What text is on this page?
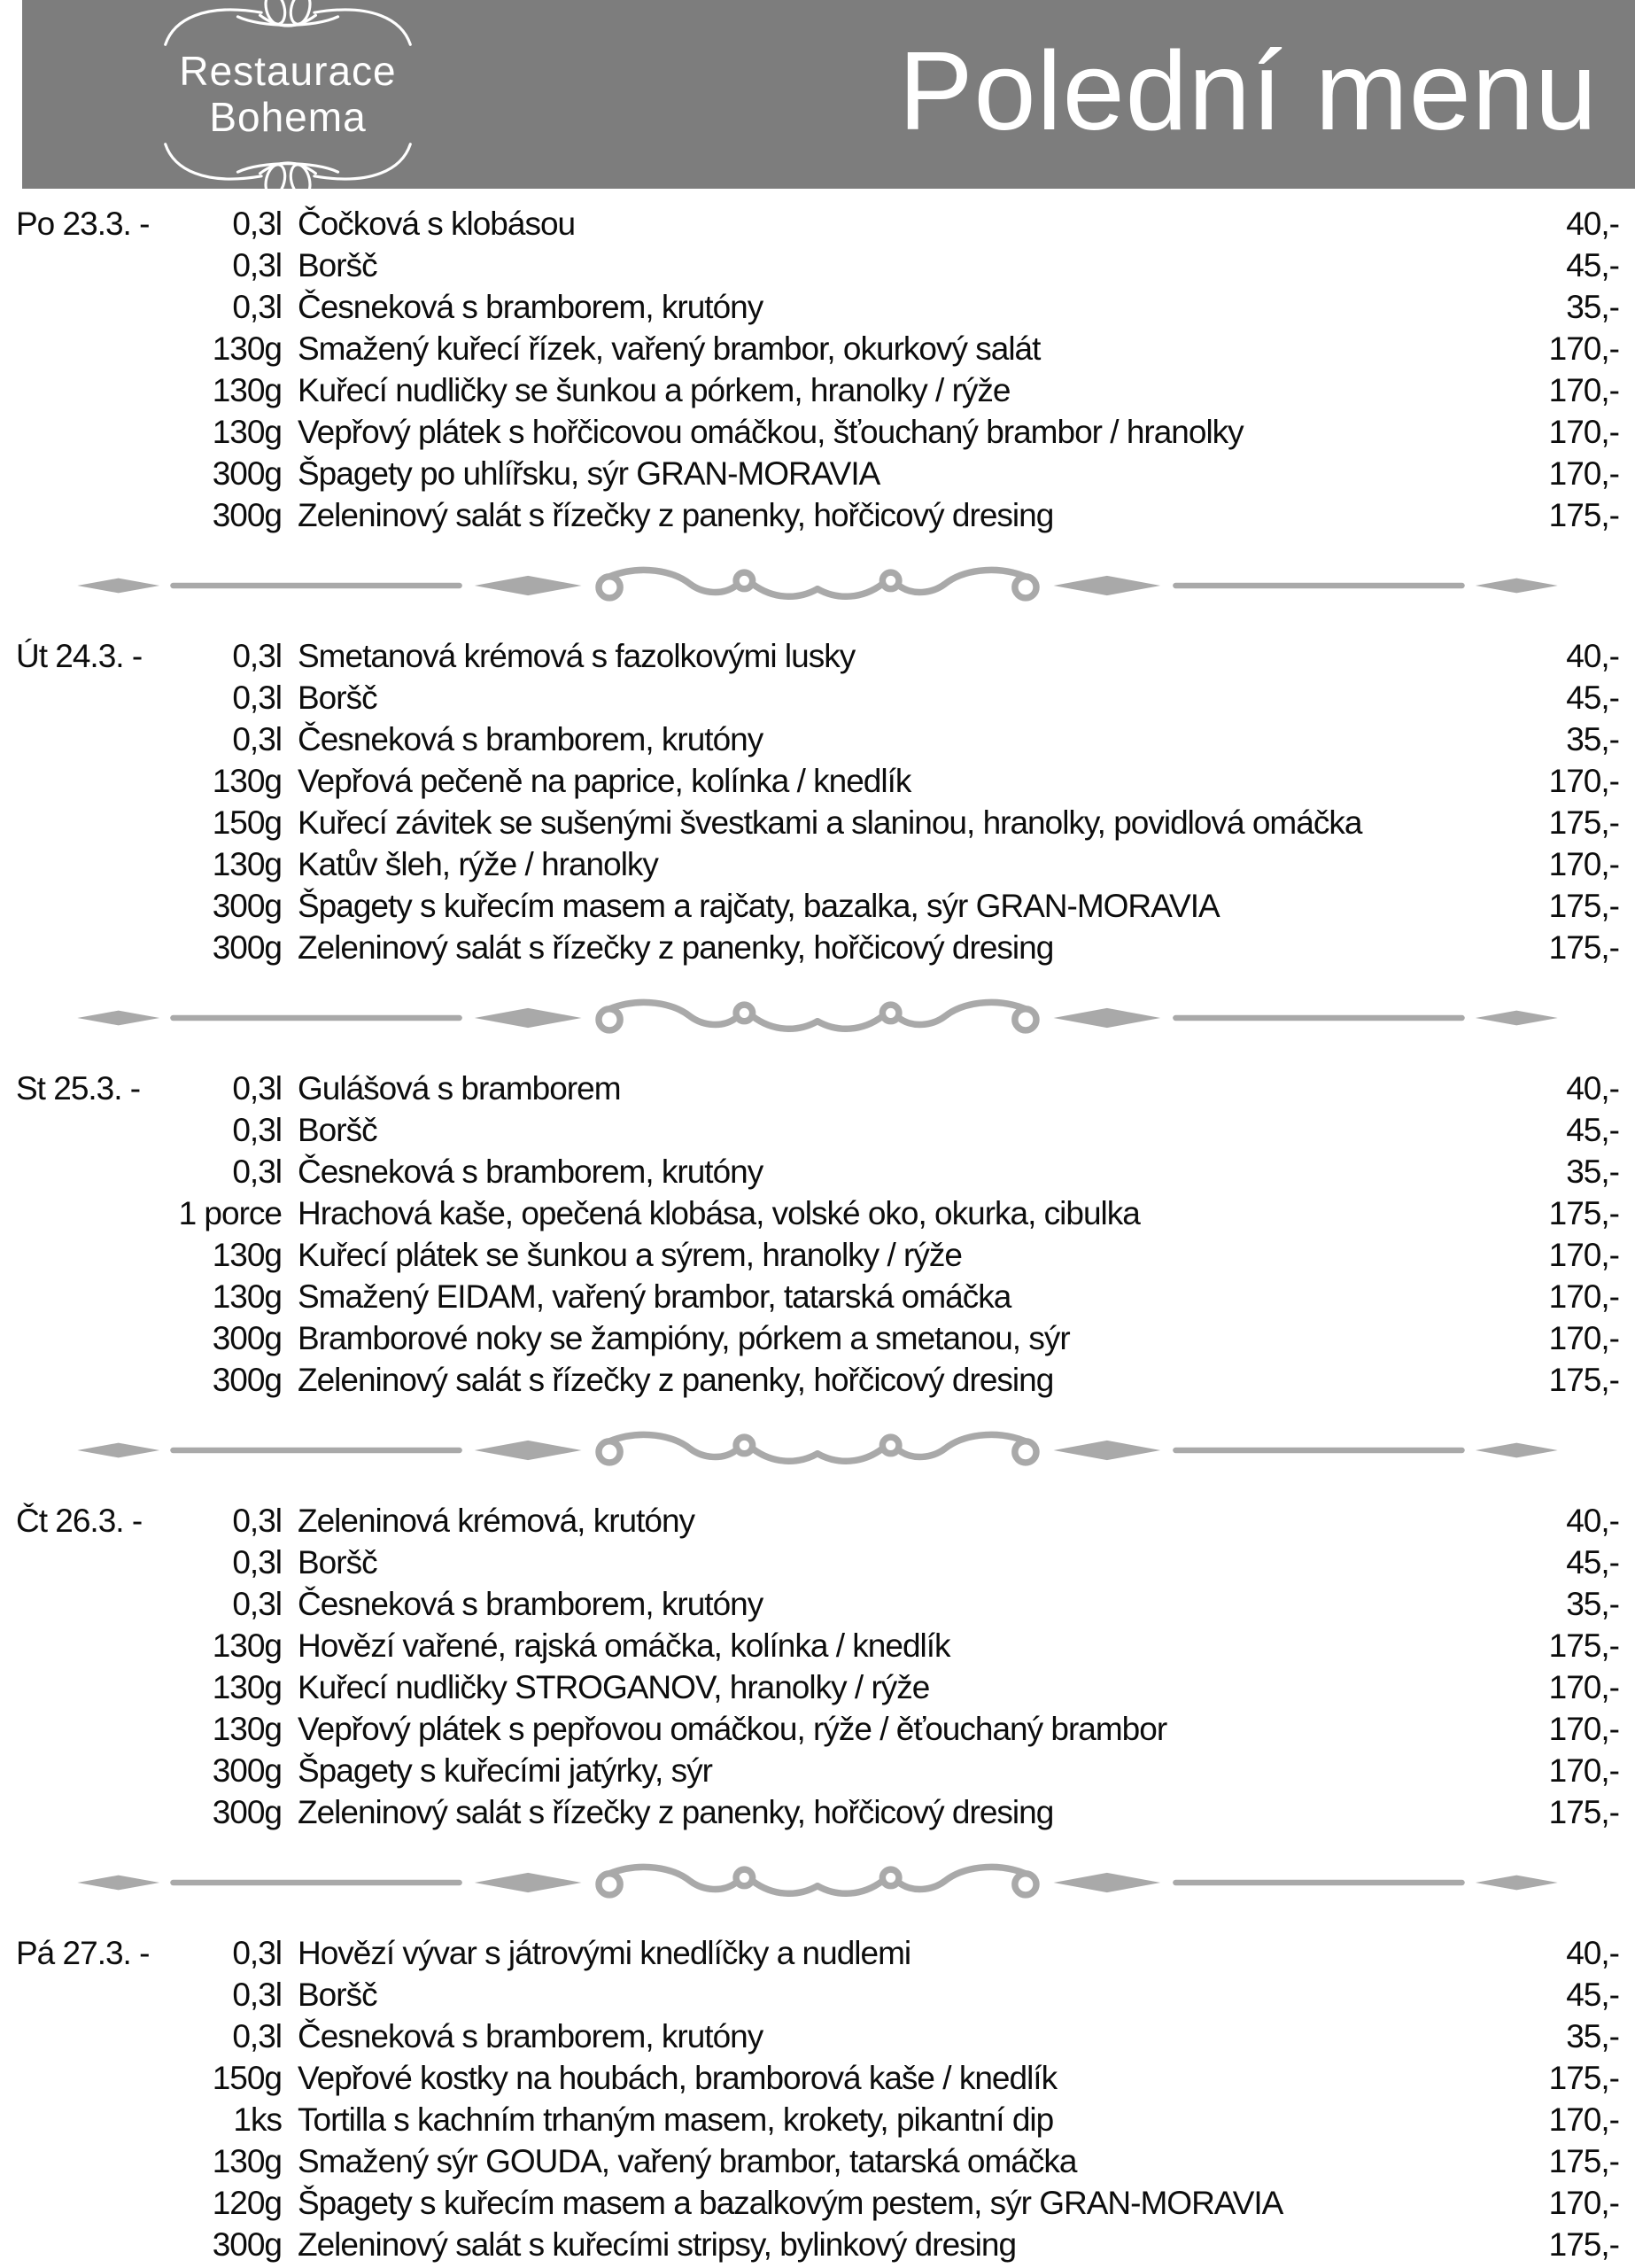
Restaurace
Bohema	Polední menu
Po 23.3. -	0,3l Čočková s klobásou	40,-
0,3l Boršč	45,-
0,3l Česneková s bramborem, krutóny	35,-
130g Smažený kuřecí řízek, vařený brambor, okurkový salát	170,-
130g Kuřecí nudličky se šunkou a pórkem, hranolky / rýže	170,-
130g Vepřový plátek s hořčicovou omáčkou, šťouchaný brambor / hranolky	170,-
300g Špagety po uhlířsku, sýr GRAN-MORAVIA	170,-
300g Zeleninový salát s řízečky z panenky, hořčicový dresing	175,-
Út 24.3. -	0,3l Smetanová krémová s fazolkovými lusky	40,-
0,3l Boršč	45,-
0,3l Česneková s bramborem, krutóny	35,-
130g Vepřová pečeně na paprice, kolínka / knedlík	170,-
150g Kuřecí závitek se sušenými švestkami a slaninou, hranolky, povidlová omáčka	175,-
130g Katův šleh, rýže / hranolky	170,-
300g Špagety s kuřecím masem a rajčaty, bazalka, sýr GRAN-MORAVIA	175,-
300g Zeleninový salát s řízečky z panenky, hořčicový dresing	175,-
St 25.3. -	0,3l Gulášová s bramborem	40,-
0,3l Boršč	45,-
0,3l Česneková s bramborem, krutóny	35,-
1 porce Hrachová kaše, opečená klobása, volské oko, okurka, cibulka	175,-
130g Kuřecí plátek se šunkou a sýrem, hranolky / rýže	170,-
130g Smažený EIDAM, vařený brambor, tatarská omáčka	170,-
300g Bramborové noky se žampióny, pórkem a smetanou, sýr	170,-
300g Zeleninový salát s řízečky z panenky, hořčicový dresing	175,-
Čt 26.3. -	0,3l Zeleninová krémová, krutóny	40,-
0,3l Boršč	45,-
0,3l Česneková s bramborem, krutóny	35,-
130g Hovězí vařené, rajská omáčka, kolínka / knedlík	175,-
130g Kuřecí nudličky STROGANOV, hranolky / rýže	170,-
130g Vepřový plátek s pepřovou omáčkou, rýže / ěťouchaný brambor	170,-
300g Špagety s kuřecími jatýrky, sýr	170,-
300g Zeleninový salát s řízečky z panenky, hořčicový dresing	175,-
Pá 27.3. -	0,3l Hovězí vývar s játrovými knedlíčky a nudlemi	40,-
0,3l Boršč	45,-
0,3l Česneková s bramborem, krutóny	35,-
150g Vepřové kostky na houbách, bramborová kaše / knedlík	175,-
1ks Tortilla s kachním trhaným masem, krokety, pikantní dip	170,-
130g Smažený sýr GOUDA, vařený brambor, tatarská omáčka	175,-
120g Špagety s kuřecím masem a bazalkovým pestem, sýr GRAN-MORAVIA	170,-
300g Zeleninový salát s kuřecími stripsy, bylinkový dresing	175,-
